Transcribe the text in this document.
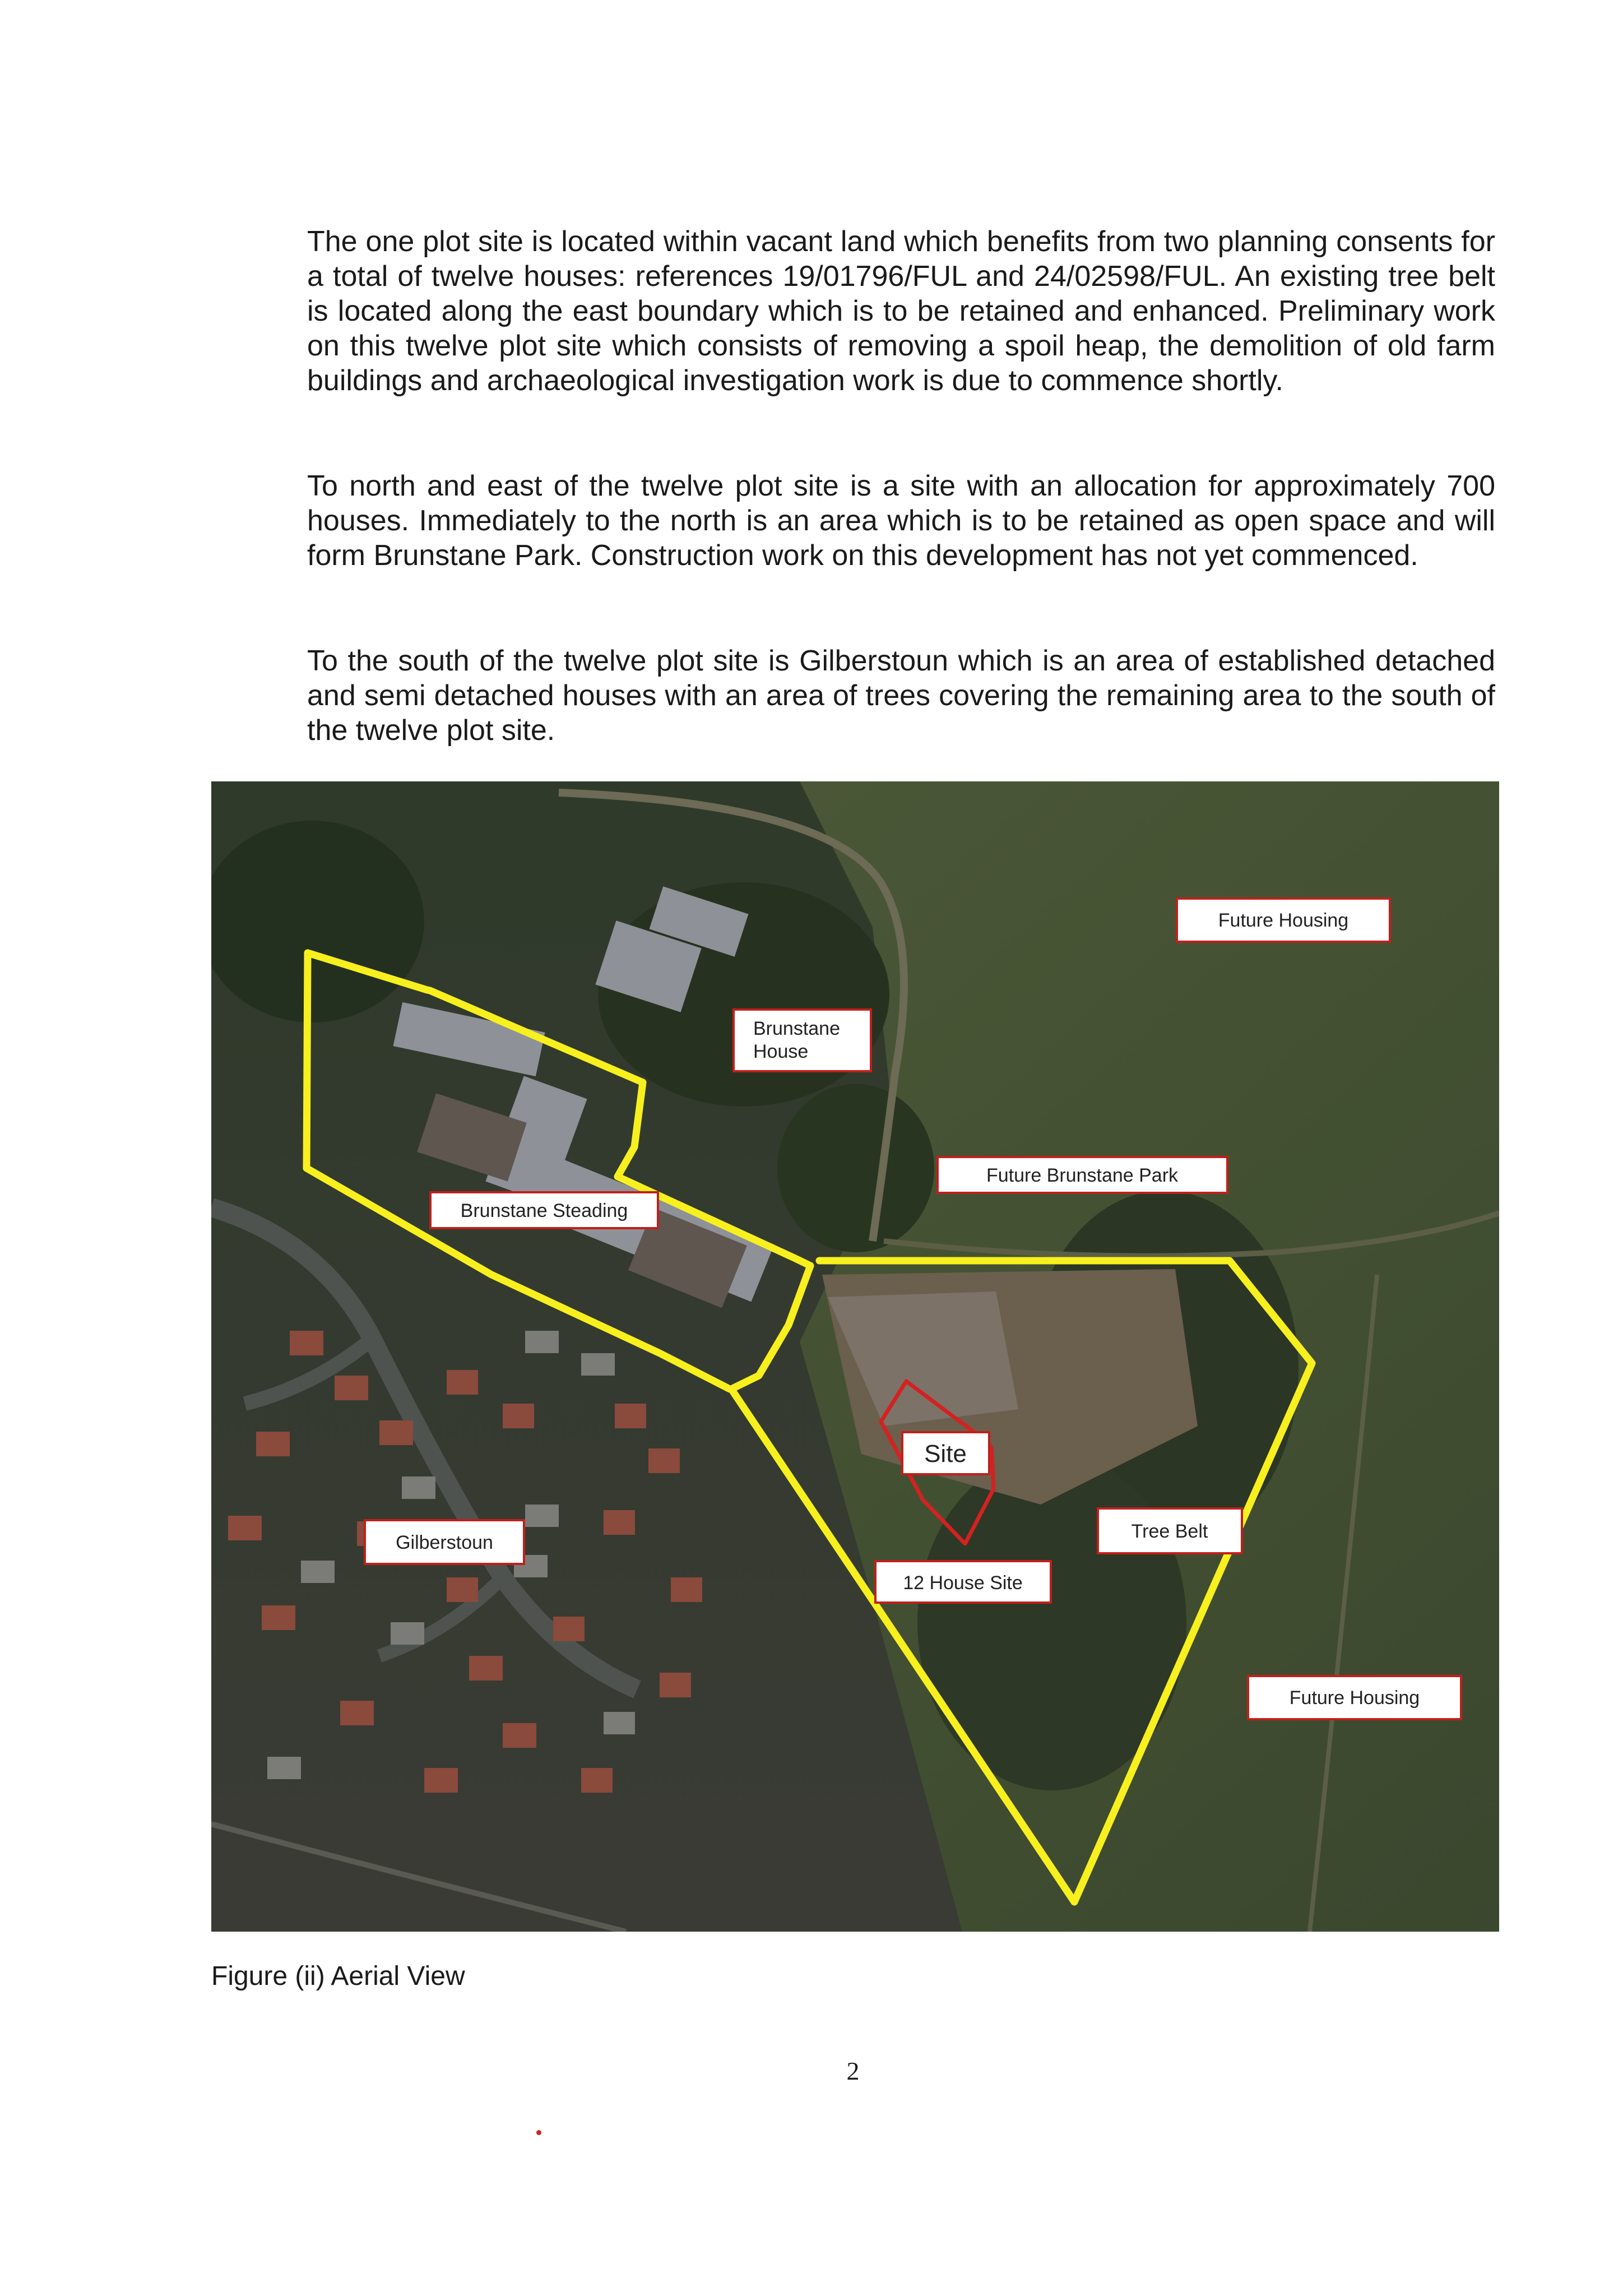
The one plot site is located within vacant land which benefits from two planning consents for a total of twelve houses: references 19/01796/FUL and 24/02598/FUL. An existing tree belt is located along the east boundary which is to be retained and enhanced. Preliminary work on this twelve plot site which consists of removing a spoil heap, the demolition of old farm buildings and archaeological investigation work is due to commence shortly.

To north and east of the twelve plot site is a site with an allocation for approximately 700 houses. Immediately to the north is an area which is to be retained as open space and will form Brunstane Park. Construction work on this development has not yet commenced.

To the south of the twelve plot site is Gilberstoun which is an area of established detached and semi detached houses with an area of trees covering the remaining area to the south of the twelve plot site.

Future Housing
Brunstane
House
Future Brunstane Park
Brunstane Steading
Site
Tree Belt
12 House Site
Gilberstoun
Future Housing

Figure (ii) Aerial View

2
